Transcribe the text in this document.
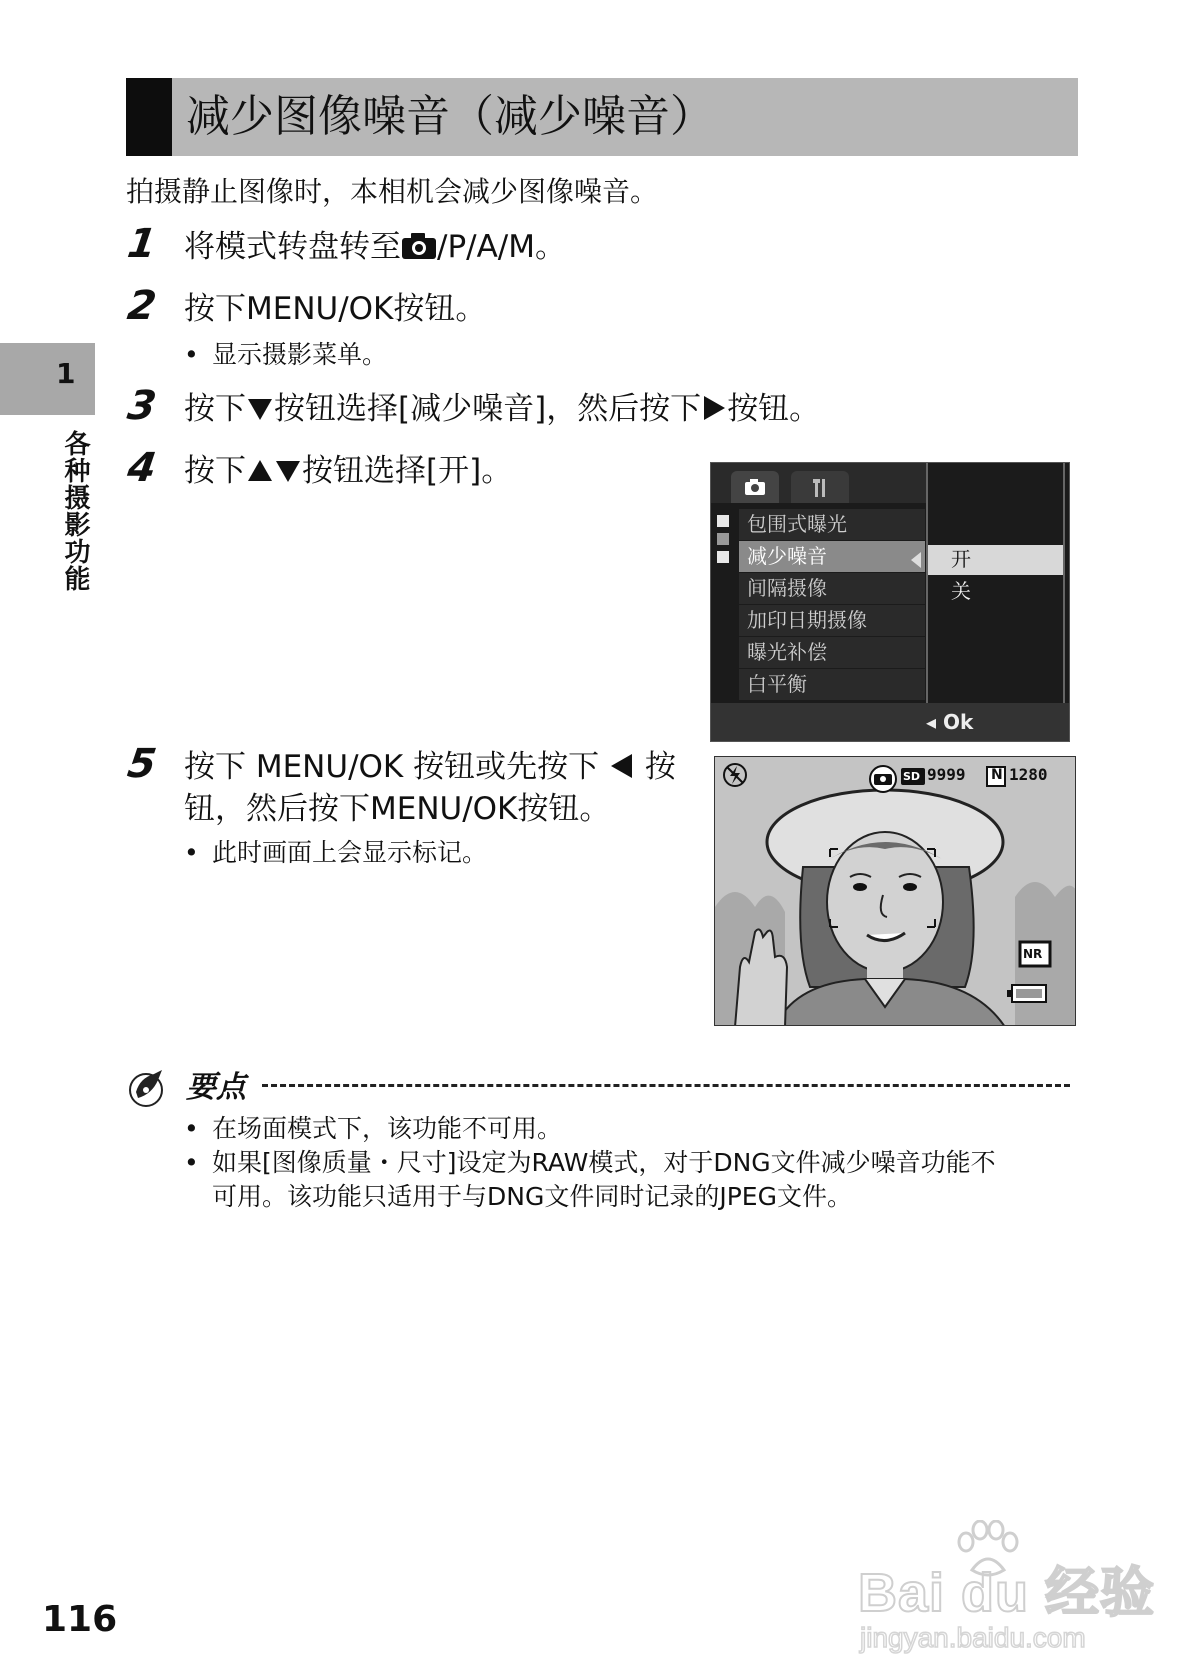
减少图像噪音（减少噪音）
拍摄静止图像时，本相机会减少图像噪音。
1 将模式转盘转至 /P/A/M。
2 按下MENU/OK按钮。
• 显示摄影菜单。
1
各种摄影功能
3 按下 按钮选择[减少噪音]，然后按下 按钮。
4 按下 按钮选择[开]。
包围式曝光
减少噪音
间隔摄像
加印日期摄像
曝光补偿
白平衡
开
关
◂ Ok
5 按下 MENU/OK 按钮或先按下 按
钮，然后按下MENU/OK按钮。
• 此时画面上会显示标记。
SD 9999 N 1280
NR
要点
• 在场面模式下，该功能不可用。
• 如果[图像质量・尺寸]设定为RAW模式，对于DNG文件减少噪音功能不
可用。该功能只适用于与DNG文件同时记录的JPEG文件。
116	Bai du 经验
jingyan.baidu.com
